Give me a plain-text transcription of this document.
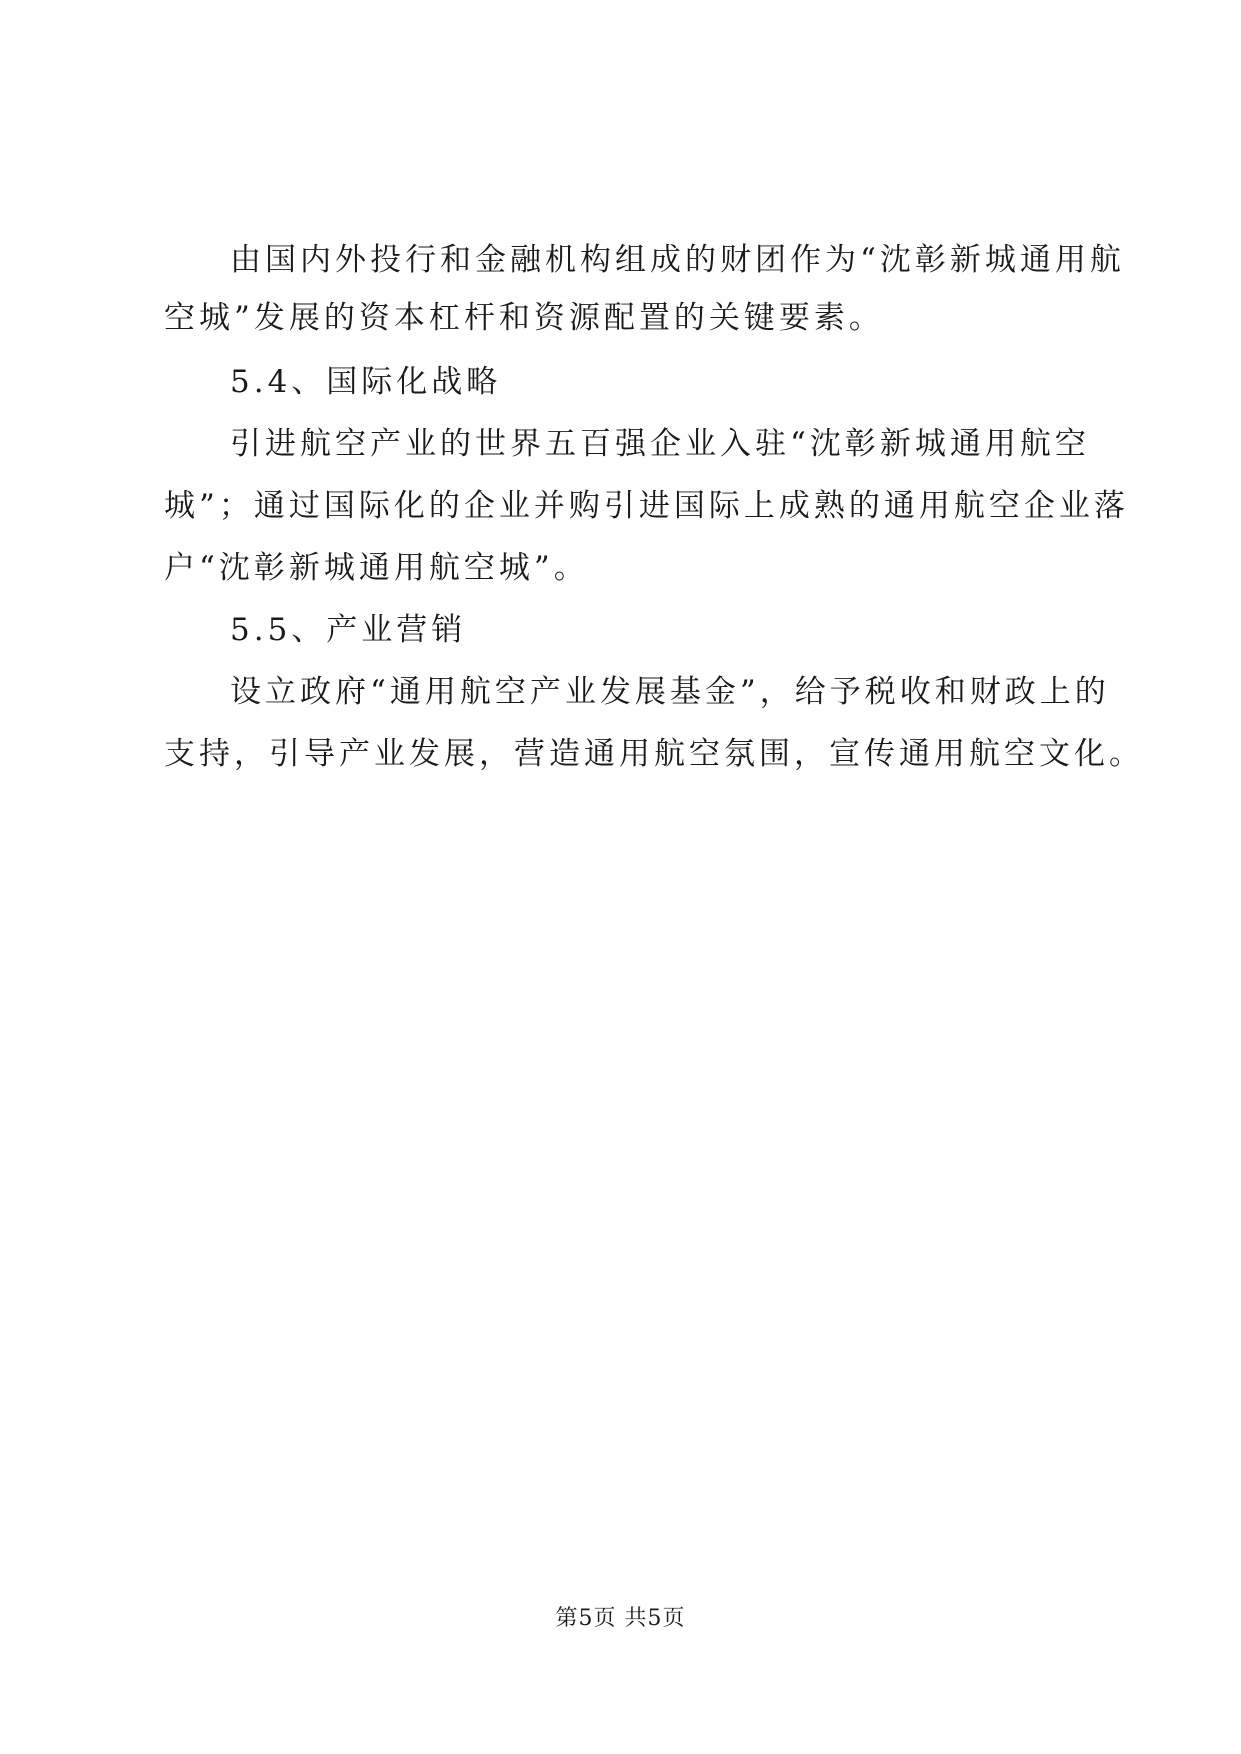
由国内外投行和金融机构组成的财团作为“沈彰新城通用航
空城”发展的资本杠杆和资源配置的关键要素。
5.4、国际化战略
引进航空产业的世界五百强企业入驻“沈彰新城通用航空
城”；通过国际化的企业并购引进国际上成熟的通用航空企业落
户“沈彰新城通用航空城”。
5.5、产业营销
设立政府“通用航空产业发展基金”，给予税收和财政上的
支持，引导产业发展，营造通用航空氛围，宣传通用航空文化。
第5页 共5页
